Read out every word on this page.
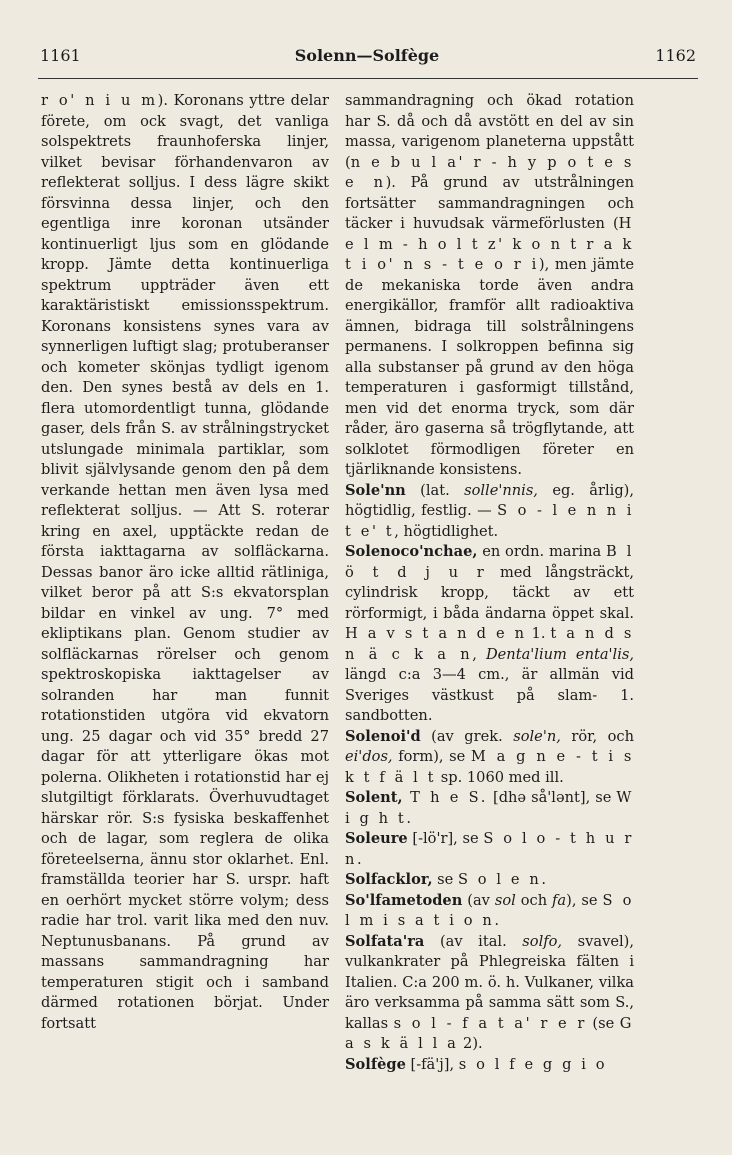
1161	Solenn—Solfège	1162

r o' n i u m). Koronans yttre delar förete, om ock svagt, det vanliga solspektrets fraunhoferska linjer, vilket bevisar förhandenvaron av reflekterat solljus. I dess lägre skikt försvinna dessa linjer, och den egentliga inre koronan utsänder kontinuerligt ljus som en glödande kropp. Jämte detta kontinuerliga spektrum uppträder även ett karaktäristiskt emissionsspektrum. Koronans konsistens synes vara av synnerligen luftigt slag; protuberanser och kometer skönjas tydligt igenom den. Den synes bestå av dels en 1. flera utomordentligt tunna, glödande gaser, dels från S. av strålningstrycket utslungade minimala partiklar, som blivit självlysande genom den på dem verkande hettan men även lysa med reflekterat solljus. — Att S. roterar kring en axel, upptäckte redan de första iakttagarna av solfläckarna. Dessas banor äro icke alltid rätliniga, vilket beror på att S:s ekvatorsplan bildar en vinkel av ung. 7° med ekliptikans plan. Genom studier av solfläckarnas rörelser och genom spektroskopiska iakttagelser av solranden har man funnit rotationstiden utgöra vid ekvatorn ung. 25 dagar och vid 35° bredd 27 dagar för att ytterligare ökas mot polerna. Olikheten i rotationstid har ej slutgiltigt förklarats. Överhuvudtaget härskar rör. S:s fysiska beskaffenhet och de lagar, som reglera de olika företeelserna, ännu stor oklarhet. Enl. framställda teorier har S. urspr. haft en oerhört mycket större volym; dess radie har trol. varit lika med den nuv. Neptunusbanans. På grund av massans sammandragning har temperaturen stigit och i samband därmed rotationen börjat. Under fortsatt

sammandragning och ökad rotation har S. då och då avstött en del av sin massa, varigenom planeterna uppstått (n e b u l a' r - h y p o t e s e n). På grund av utstrålningen fortsätter sammandragningen och täcker i huvudsak värmeförlusten (H e l m - h o l t z' k o n t r a k t i o' n s - t e o r i), men jämte de mekaniska torde även andra energikällor, framför allt radioaktiva ämnen, bidraga till solstrålningens permanens. I solkroppen befinna sig alla substanser på grund av den höga temperaturen i gasformigt tillstånd, men vid det enorma tryck, som där råder, äro gaserna så trögflytande, att solklotet förmodligen företer en tjärliknande konsistens.

Sole'nn (lat. solle'nnis, eg. årlig), högtidlig, festlig. — S o - l e n n i t e' t, högtidlighet.

Solenoco'nchae, en ordn. marina B l ö t d j u r med långsträckt, cylindrisk kropp, täckt av ett rörformigt, i båda ändarna öppet skal. H a v s t a n d e n 1. t a n d s n ä c k a n, Denta'lium enta'lis, längd c:a 3—4 cm., är allmän vid Sveriges västkust på slam- 1. sandbotten.

Solenoi'd (av grek. sole'n, rör, och ei'dos, form), se M a g n e - t i s k t f ä l t sp. 1060 med ill.

Solent, T h e S. [dhə så'lənt], se W i g h t.

Soleure [-lö'r], se S o l o - t h u r n.

Solfacklor, se S o l e n.

So'lfametoden (av sol och fa), se S o l m i s a t i o n.

Solfata'ra (av ital. solfo, svavel), vulkankrater på Phlegreiska fälten i Italien. C:a 200 m. ö. h. Vulkaner, vilka äro verksamma på samma sätt som S., kallas s o l - f a t a' r e r (se G a s k ä l l a 2).

Solfège [-fä'j], s o l f e g g i o
